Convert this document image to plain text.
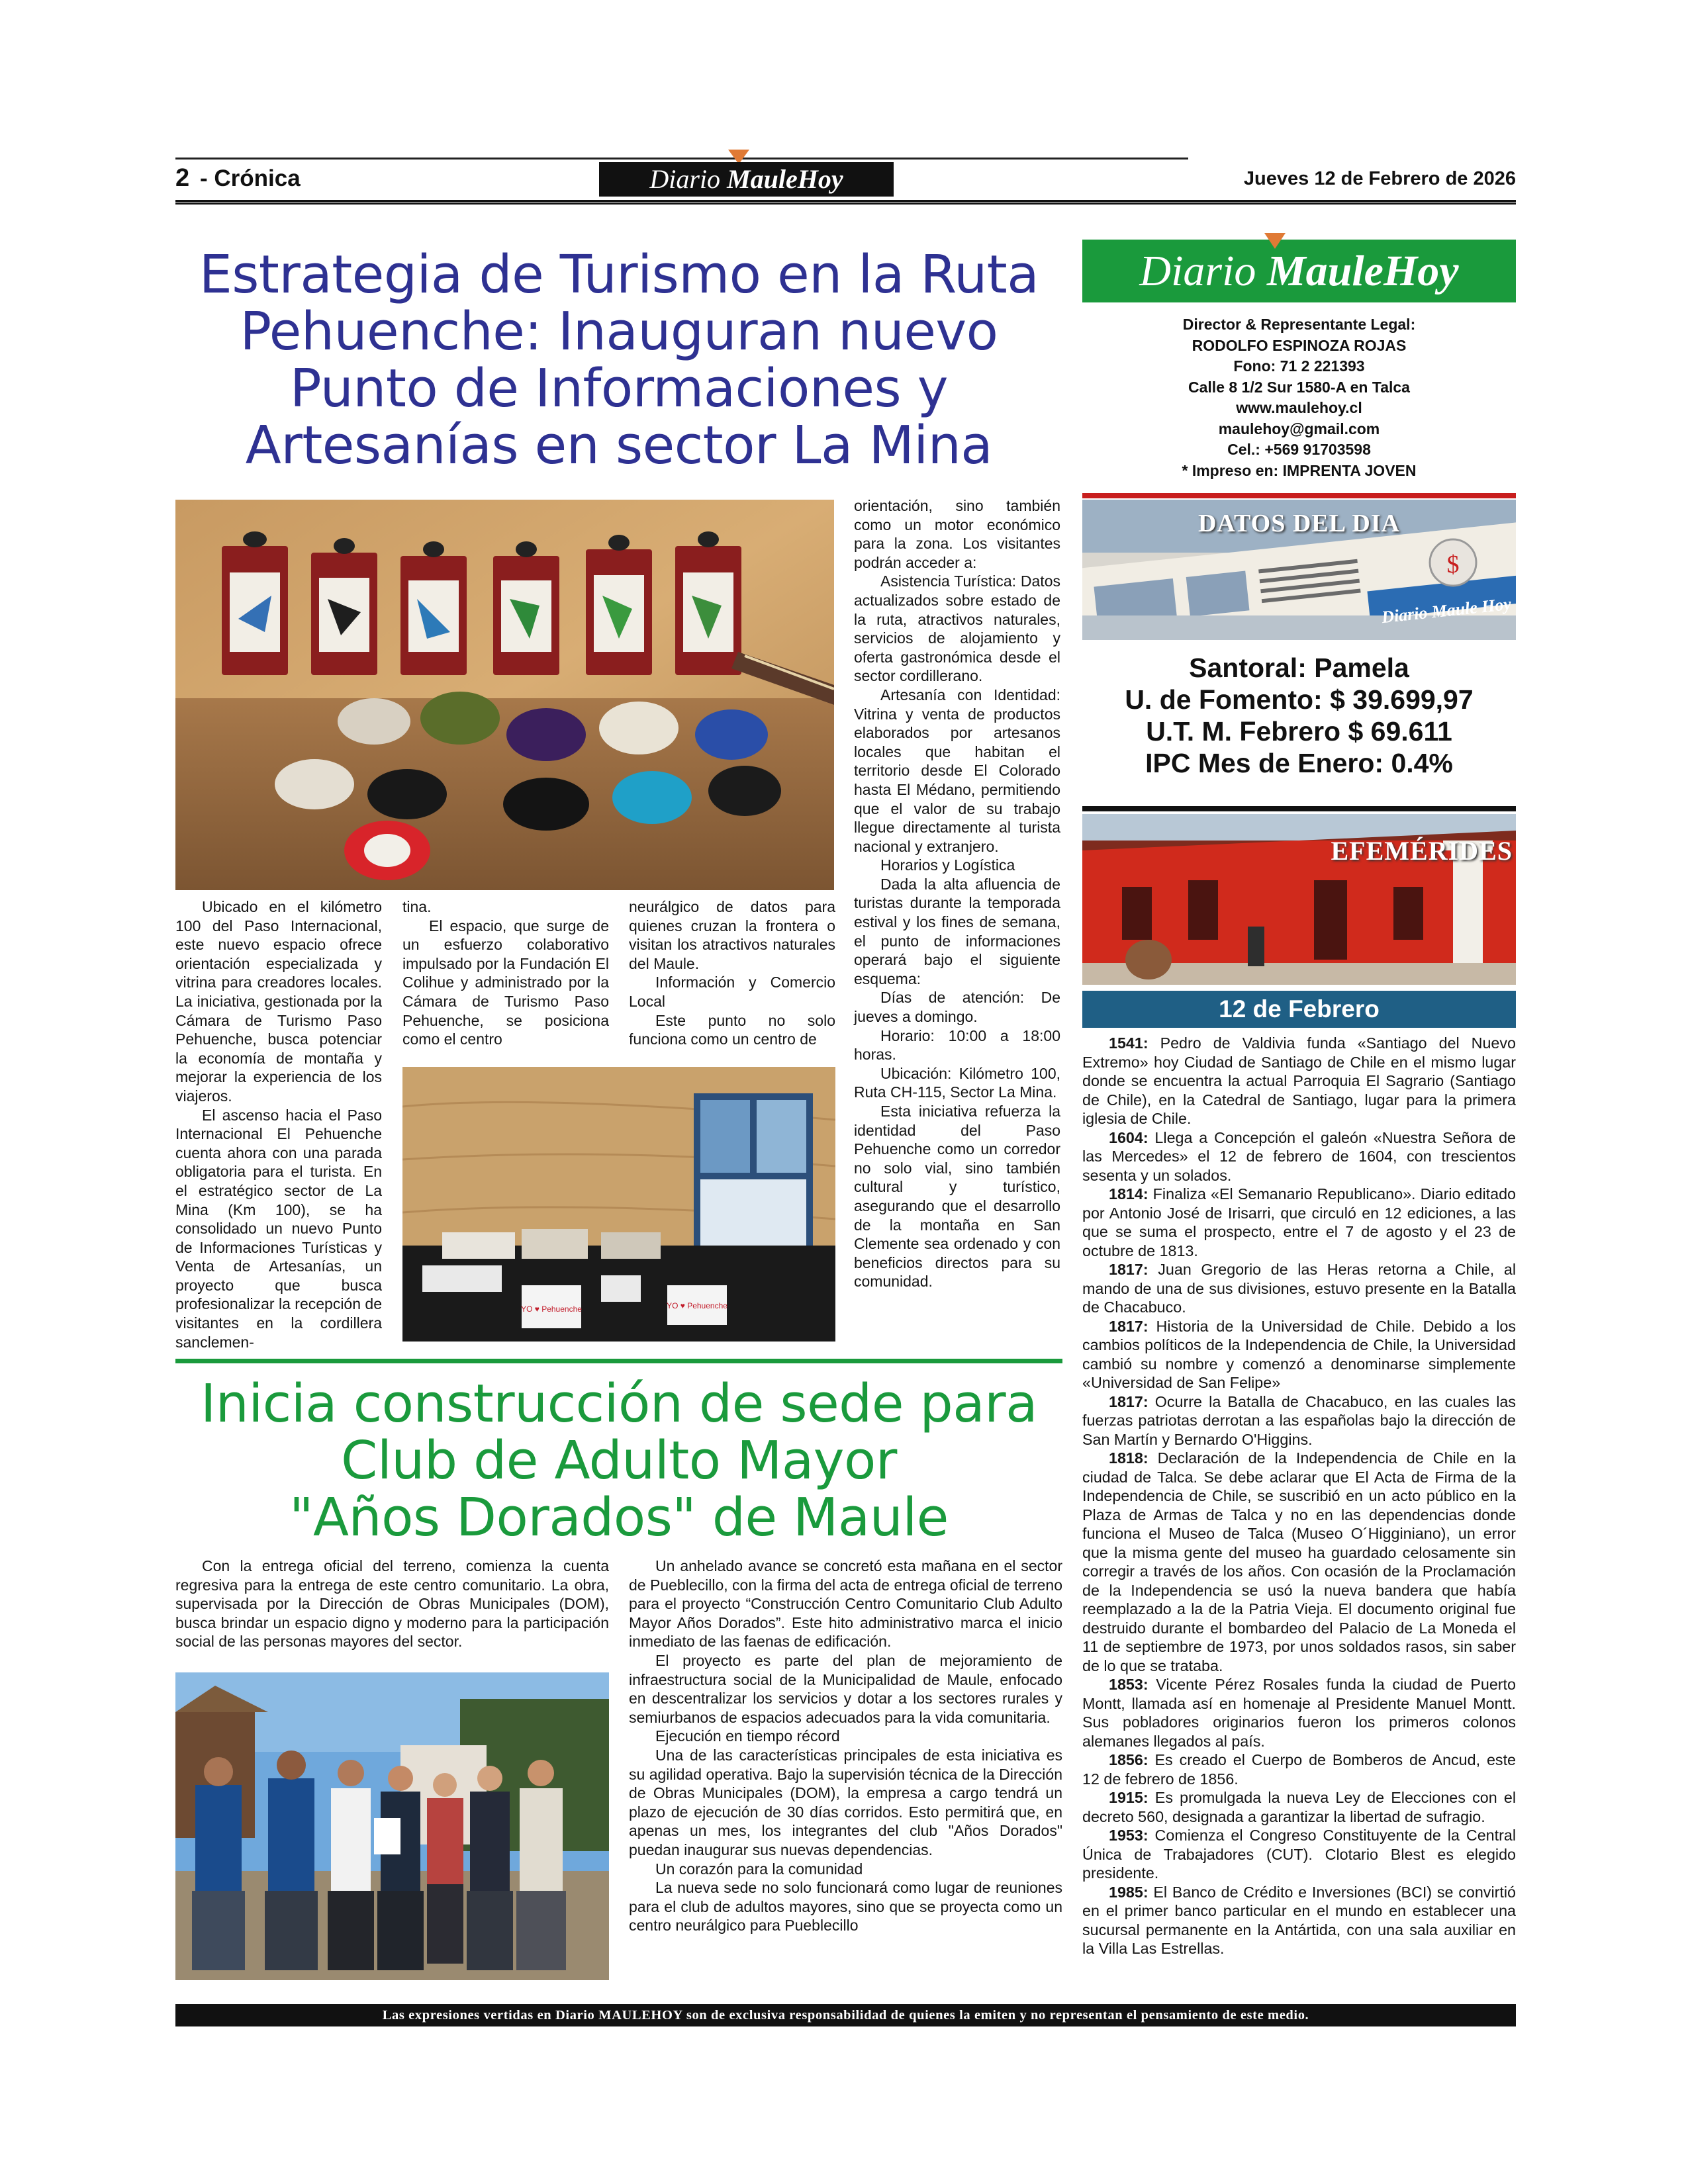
2 - Crónica	Diario MauleHoy	Jueves 12 de Febrero de 2026
Estrategia de Turismo en la Ruta
Pehuenche: Inauguran nuevo
Punto de Informaciones y
Artesanías en sector La Mina

Ubicado en el kilómetro 100 del Paso Internacional, este nuevo espacio ofrece orientación especializada y vitrina para creadores locales. La iniciativa, gestionada por la Cámara de Turismo Paso Pehuenche, busca potenciar la economía de montaña y mejorar la experiencia de los viajeros.

El ascenso hacia el Paso Internacional El Pehuenche cuenta ahora con una parada obligatoria para el turista. En el estratégico sector de La Mina (Km 100), se ha consolidado un nuevo Punto de Informaciones Turísticas y Venta de Artesanías, un proyecto que busca profesionalizar la recepción de visitantes en la cordillera sanclemen-

tina.

El espacio, que surge de un esfuerzo colaborativo impulsado por la Fundación El Colihue y administrado por la Cámara de Turismo Paso Pehuenche, se posiciona como el centro

neurálgico de datos para quienes cruzan la frontera o visitan los atractivos naturales del Maule.

Información y Comercio Local

Este punto no solo funciona como un centro de

YO ♥ Pehuenche	YO ♥ Pehuenche

orientación, sino también como un motor económico para la zona. Los visitantes podrán acceder a:

Asistencia Turística: Datos actualizados sobre estado de la ruta, atractivos naturales, servicios de alojamiento y oferta gastronómica desde el sector cordillerano.

Artesanía con Identidad: Vitrina y venta de productos elaborados por artesanos locales que habitan el territorio desde El Colorado hasta El Médano, permitiendo que el valor de su trabajo llegue directamente al turista nacional y extranjero.

Horarios y Logística

Dada la alta afluencia de turistas durante la temporada estival y los fines de semana, el punto de informaciones operará bajo el siguiente esquema:

Días de atención: De jueves a domingo.

Horario: 10:00 a 18:00 horas.

Ubicación: Kilómetro 100, Ruta CH-115, Sector La Mina.

Esta iniciativa refuerza la identidad del Paso Pehuenche como un corredor no solo vial, sino también cultural y turístico, asegurando que el desarrollo de la montaña en San Clemente sea ordenado y con beneficios directos para su comunidad.

Inicia construcción de sede para
Club de Adulto Mayor
"Años Dorados" de Maule

Con la entrega oficial del terreno, comienza la cuenta regresiva para la entrega de este centro comunitario. La obra, supervisada por la Dirección de Obras Municipales (DOM), busca brindar un espacio digno y moderno para la participación social de las personas mayores del sector.

Un anhelado avance se concretó esta mañana en el sector de Pueblecillo, con la firma del acta de entrega oficial de terreno para el proyecto “Construcción Centro Comunitario Club Adulto Mayor Años Dorados”. Este hito administrativo marca el inicio inmediato de las faenas de edificación.

El proyecto es parte del plan de mejoramiento de infraestructura social de la Municipalidad de Maule, enfocado en descentralizar los servicios y dotar a los sectores rurales y semiurbanos de espacios adecuados para la vida comunitaria.

Ejecución en tiempo récord

Una de las características principales de esta iniciativa es su agilidad operativa. Bajo la supervisión técnica de la Dirección de Obras Municipales (DOM), la empresa a cargo tendrá un plazo de ejecución de 30 días corridos. Esto permitirá que, en apenas un mes, los integrantes del club "Años Dorados" puedan inaugurar sus nuevas dependencias.

Un corazón para la comunidad

La nueva sede no solo funcionará como lugar de reuniones para el club de adultos mayores, sino que se proyecta como un centro neurálgico para Pueblecillo

Diario MauleHoy
Director & Representante Legal:
RODOLFO ESPINOZA ROJAS
Fono: 71 2 221393
Calle 8 1/2 Sur 1580-A en Talca
www.maulehoy.cl
maulehoy@gmail.com
Cel.: +569 91703598
* Impreso en: IMPRENTA JOVEN
$
DATOS DEL DIA
Diario Maule Hoy
Santoral: Pamela
U. de Fomento: $ 39.699,97
U.T. M. Febrero $ 69.611
IPC Mes de Enero: 0.4%
EFEMÉRIDES
12 de Febrero

1541: Pedro de Valdivia funda «Santiago del Nuevo Extremo» hoy Ciudad de Santiago de Chile en el mismo lugar donde se encuentra la actual Parroquia El Sagrario (Santiago de Chile), en la Catedral de Santiago, lugar para la primera iglesia de Chile.

1604: Llega a Concepción el galeón «Nuestra Señora de las Mercedes» el 12 de febrero de 1604, con trescientos sesenta y un solados.

1814: Finaliza «El Semanario Republicano». Diario editado por Antonio José de Irisarri, que circuló en 12 ediciones, a las que se suma el prospecto, entre el 7 de agosto y el 23 de octubre de 1813.

1817: Juan Gregorio de las Heras retorna a Chile, al mando de una de sus divisiones, estuvo presente en la Batalla de Chacabuco.

1817: Historia de la Universidad de Chile. Debido a los cambios políticos de la Independencia de Chile, la Universidad cambió su nombre y comenzó a denominarse simplemente «Universidad de San Felipe»

1817: Ocurre la Batalla de Chacabuco, en las cuales las fuerzas patriotas derrotan a las españolas bajo la dirección de San Martín y Bernardo O'Higgins.

1818: Declaración de la Independencia de Chile en la ciudad de Talca. Se debe aclarar que El Acta de Firma de la Independencia de Chile, se suscribió en un acto público en la Plaza de Armas de Talca y no en las dependencias donde funciona el Museo de Talca (Museo O´Higginiano), un error que la misma gente del museo ha guardado celosamente sin corregir a través de los años. Con ocasión de la Proclamación de la Independencia se usó la nueva bandera que había reemplazado a la de la Patria Vieja. El documento original fue destruido durante el bombardeo del Palacio de La Moneda el 11 de septiembre de 1973, por unos soldados rasos, sin saber de lo que se trataba.

1853: Vicente Pérez Rosales funda la ciudad de Puerto Montt, llamada así en homenaje al Presidente Manuel Montt. Sus pobladores originarios fueron los primeros colonos alemanes llegados al país.

1856: Es creado el Cuerpo de Bomberos de Ancud, este 12 de febrero de 1856.

1915: Es promulgada la nueva Ley de Elecciones con el decreto 560, designada a garantizar la libertad de sufragio.

1953: Comienza el Congreso Constituyente de la Central Única de Trabajadores (CUT). Clotario Blest es elegido presidente.

1985: El Banco de Crédito e Inversiones (BCI) se convirtió en el primer banco particular en el mundo en establecer una sucursal permanente en la Antártida, con una sala auxiliar en la Villa Las Estrellas.

Las expresiones vertidas en Diario MAULEHOY son de exclusiva responsabilidad de quienes la emiten y no representan el pensamiento de este medio.
